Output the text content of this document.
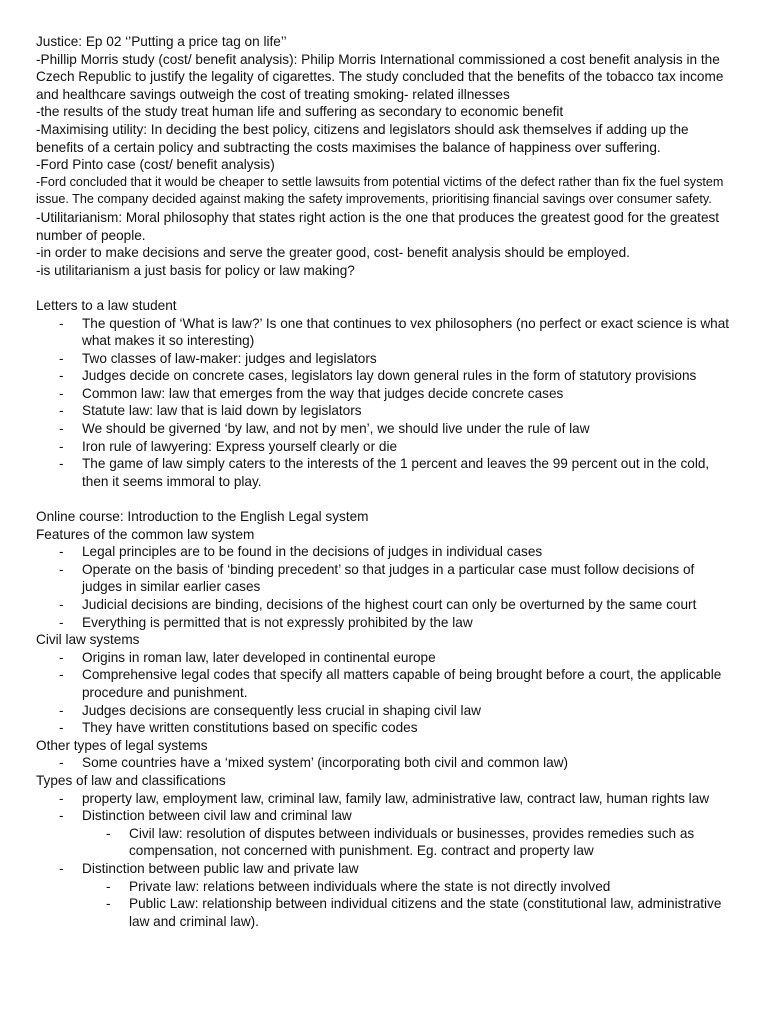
Justice: Ep 02 ‘’Putting a price tag on life’’

-Phillip Morris study (cost/ benefit analysis): Philip Morris International commissioned a cost benefit analysis in the Czech Republic to justify the legality of cigarettes. The study concluded that the benefits of the tobacco tax income and healthcare savings outweigh the cost of treating smoking- related illnesses

-the results of the study treat human life and suffering as secondary to economic benefit

-Maximising utility: In deciding the best policy, citizens and legislators should ask themselves if adding up the benefits of a certain policy and subtracting the costs maximises the balance of happiness over suffering.

-Ford Pinto case (cost/ benefit analysis)

-Ford concluded that it would be cheaper to settle lawsuits from potential victims of the defect rather than fix the fuel system issue. The company decided against making the safety improvements, prioritising financial savings over consumer safety.

-Utilitarianism: Moral philosophy that states right action is the one that produces the greatest good for the greatest number of people.

-in order to make decisions and serve the greater good, cost- benefit analysis should be employed.

-is utilitarianism a just basis for policy or law making?

Letters to a law student

- The question of ‘What is law?’ Is one that continues to vex philosophers (no perfect or exact science is what what makes it so interesting)
- Two classes of law-maker: judges and legislators
- Judges decide on concrete cases, legislators lay down general rules in the form of statutory provisions
- Common law: law that emerges from the way that judges decide concrete cases
- Statute law: law that is laid down by legislators
- We should be giverned ‘by law, and not by men’, we should live under the rule of law
- Iron rule of lawyering: Express yourself clearly or die
- The game of law simply caters to the interests of the 1 percent and leaves the 99 percent out in the cold, then it seems immoral to play.

Online course: Introduction to the English Legal system

Features of the common law system

- Legal principles are to be found in the decisions of judges in individual cases
- Operate on the basis of ‘binding precedent’ so that judges in a particular case must follow decisions of judges in similar earlier cases
- Judicial decisions are binding, decisions of the highest court can only be overturned by the same court
- Everything is permitted that is not expressly prohibited by the law

Civil law systems

- Origins in roman law, later developed in continental europe
- Comprehensive legal codes that specify all matters capable of being brought before a court, the applicable procedure and punishment.
- Judges decisions are consequently less crucial in shaping civil law
- They have written constitutions based on specific codes

Other types of legal systems

- Some countries have a ‘mixed system’ (incorporating both civil and common law)

Types of law and classifications

- property law, employment law, criminal law, family law, administrative law, contract law, human rights law
- Distinction between civil law and criminal law
- Civil law: resolution of disputes between individuals or businesses, provides remedies such as compensation, not concerned with punishment. Eg. contract and property law
- Distinction between public law and private law
- Private law: relations between individuals where the state is not directly involved
- Public Law: relationship between individual citizens and the state (constitutional law, administrative law and criminal law).
